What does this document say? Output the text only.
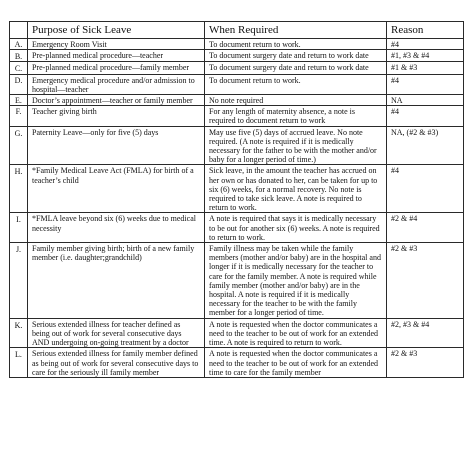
	Purpose of Sick Leave	When Required	Reason
A.	Emergency Room Visit	To document return to work.	#4
B.	Pre-planned medical procedure—teacher	To document surgery date and return to work date	#1, #3 & #4
C.	Pre-planned medical procedure—family member	To document surgery date and return to work date	#1 & #3
D.	Emergency medical procedure and/or admission to hospital—teacher	To document return to work.	#4
E.	Doctor’s appointment—teacher or family member	No note required	NA
F.	Teacher giving birth	For any length of maternity absence, a note is required to document return to work	#4
G.	Paternity Leave—only for five (5) days	May use five (5) days of accrued leave. No note required. (A note is required if it is medically necessary for the father to be with the mother and/or baby for a longer period of time.)	NA, (#2 & #3)
H.	*Family Medical Leave Act (FMLA) for birth of a teacher’s child	Sick leave, in the amount the teacher has accrued on her own or has donated to her, can be taken for up to six (6) weeks, for a normal recovery. No note is required to take sick leave. A note is required to return to work.	#4
I.	*FMLA leave beyond six (6) weeks due to medical necessity	A note is required that says it is medically necessary to be out for another six (6) weeks. A note is required to return to work.	#2 & #4
J.	Family member giving birth; birth of a new family member (i.e. daughter;grandchild)	Family illness may be taken while the family members (mother and/or baby) are in the hospital and longer if it is medically necessary for the teacher to care for the family member. A note is required while family member (mother and/or baby) are in the hospital. A note is required if it is medically necessary for the teacher to be with the family member for a longer period of time.	#2 & #3
K.	Serious extended illness for teacher defined as being out of work for several consecutive days AND undergoing on-going treatment by a doctor	A note is requested when the doctor communicates a need to the teacher to be out of work for an extended time. A note is required to return to work.	#2, #3 & #4
L.	Serious extended illness for family member defined as being out of work for several consecutive days to care for the seriously ill family member	A note is requested when the doctor communicates a need to the teacher to be out of work for an extended time to care for the family member	#2 & #3
